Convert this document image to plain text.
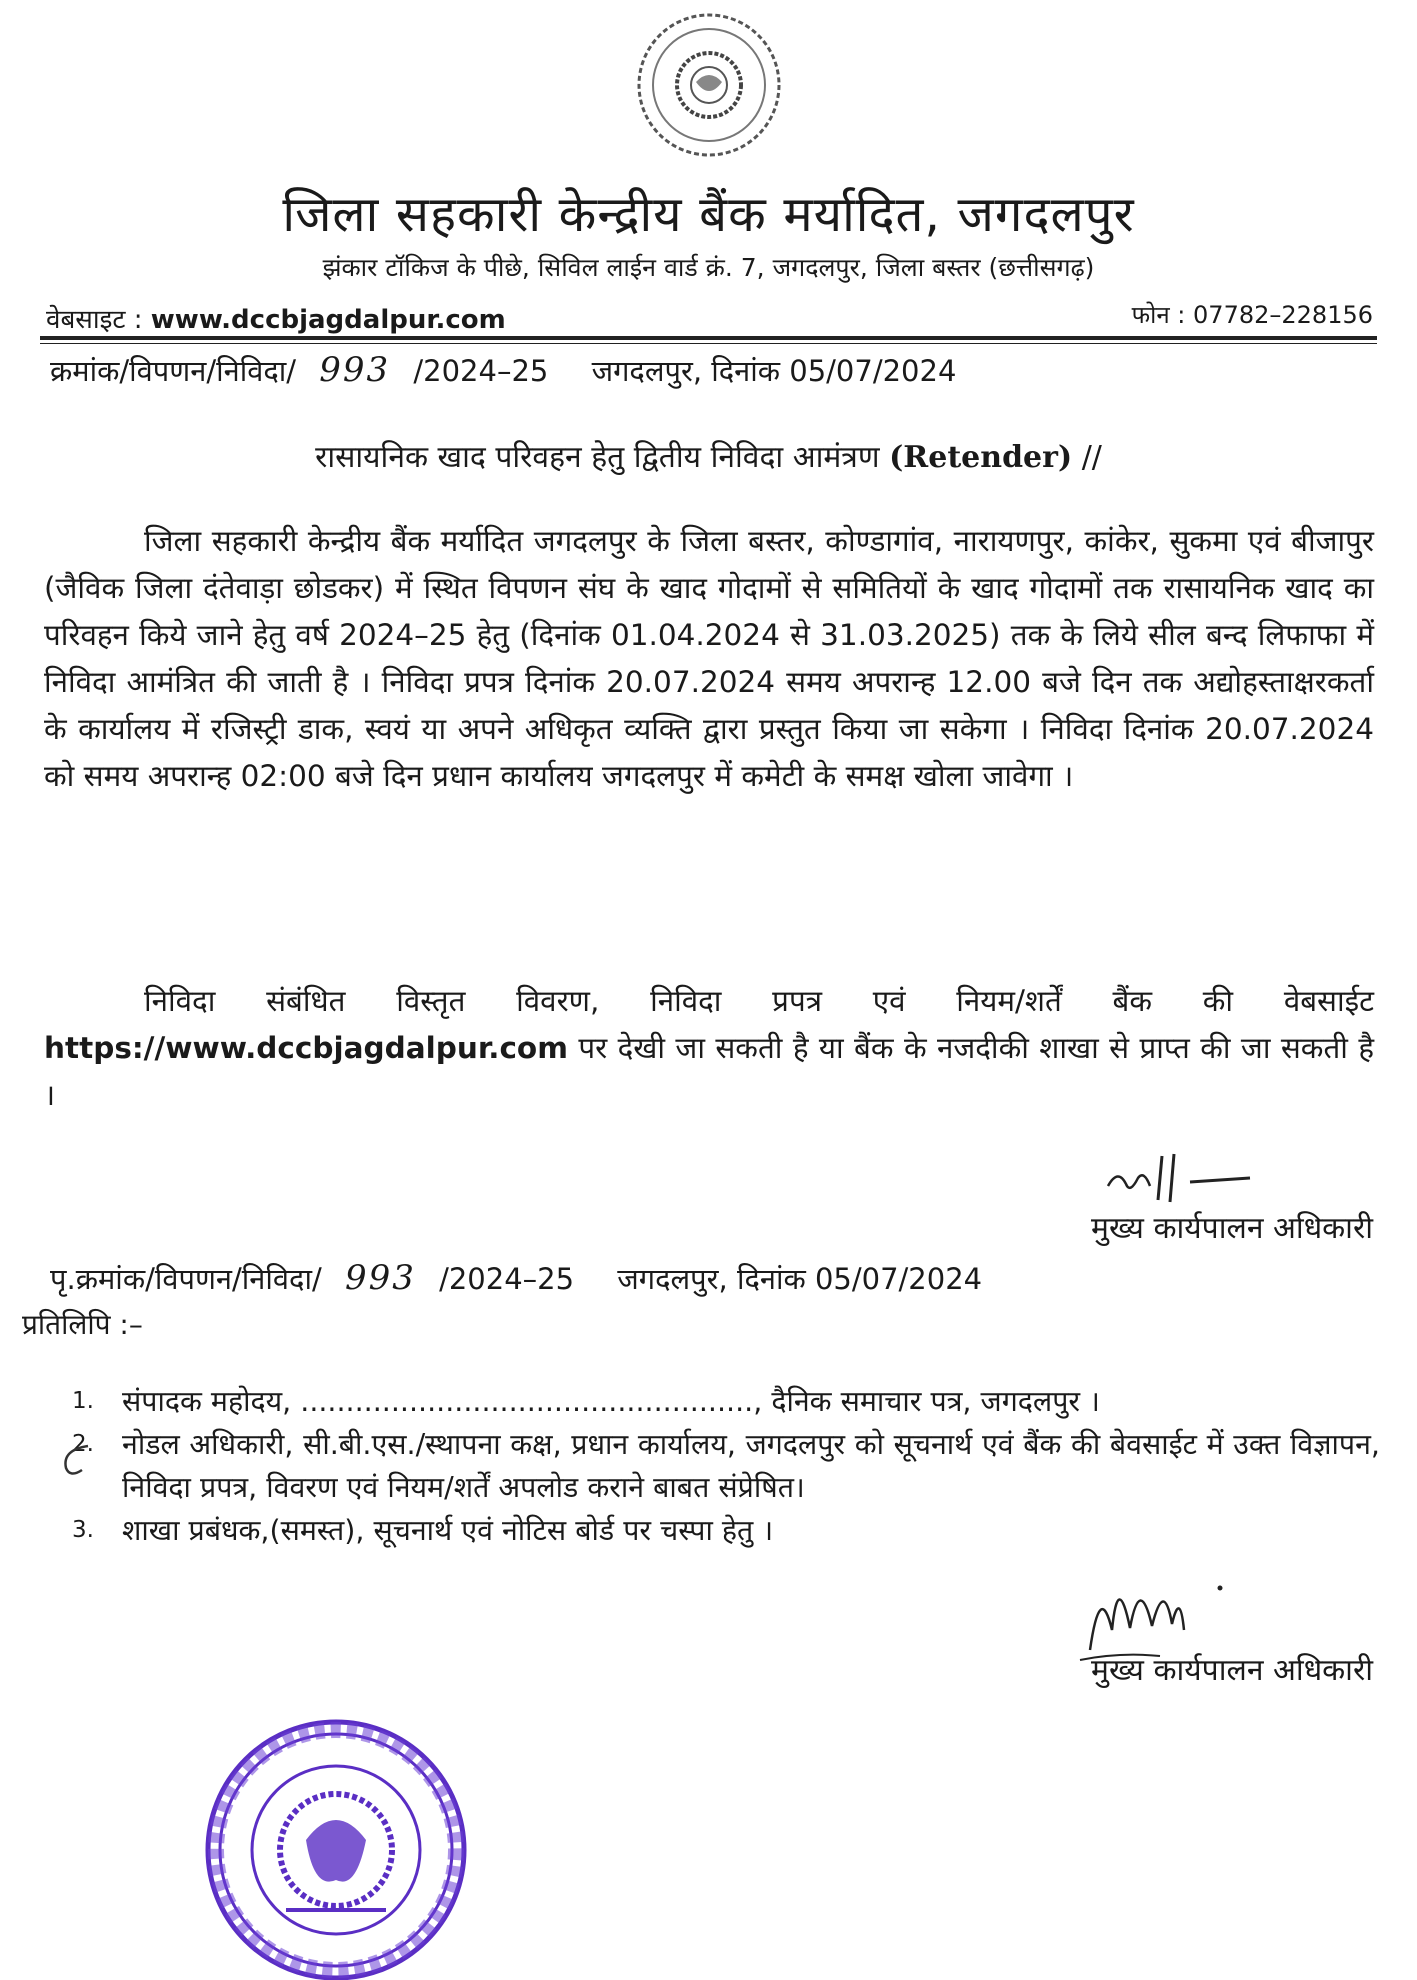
जिला सहकारी केन्द्रीय बैंक मर्यादित, जगदलपुर
झंकार टॉकिज के पीछे, सिविल लाईन वार्ड क्रं. 7, जगदलपुर, जिला बस्तर (छत्तीसगढ़)
वेबसाइट : www.dccbjagdalpur.com	फोन : 07782–228156
क्रमांक/विपणन/निविदा/ 993 /2024–25 जगदलपुर, दिनांक 05/07/2024
रासायनिक खाद परिवहन हेतु द्वितीय निविदा आमंत्रण (Retender) //

जिला सहकारी केन्द्रीय बैंक मर्यादित जगदलपुर के जिला बस्तर, कोण्डागांव, नारायणपुर, कांकेर, सुकमा एवं बीजापुर (जैविक जिला दंतेवाड़ा छोडकर) में स्थित विपणन संघ के खाद गोदामों से समितियों के खाद गोदामों तक रासायनिक खाद का परिवहन किये जाने हेतु वर्ष 2024–25 हेतु (दिनांक 01.04.2024 से 31.03.2025) तक के लिये सील बन्द लिफाफा में निविदा आमंत्रित की जाती है । निविदा प्रपत्र दिनांक 20.07.2024 समय अपरान्ह 12.00 बजे दिन तक अद्योहस्ताक्षरकर्ता के कार्यालय में रजिस्ट्री डाक, स्वयं या अपने अधिकृत व्यक्ति द्वारा प्रस्तुत किया जा सकेगा । निविदा दिनांक 20.07.2024 को समय अपरान्ह 02:00 बजे दिन प्रधान कार्यालय जगदलपुर में कमेटी के समक्ष खोला जावेगा ।

निविदा संबंधित विस्तृत विवरण, निविदा प्रपत्र एवं नियम/शर्तें बैंक की वेबसाईट https://www.dccbjagdalpur.com पर देखी जा सकती है या बैंक के नजदीकी शाखा से प्राप्त की जा सकती है ।

मुख्य कार्यपालन अधिकारी
पृ.क्रमांक/विपणन/निविदा/ 993 /2024–25 जगदलपुर, दिनांक 05/07/2024
प्रतिलिपि :–
1. संपादक महोदय, .................................................., दैनिक समाचार पत्र, जगदलपुर ।
2. नोडल अधिकारी, सी.बी.एस./स्थापना कक्ष, प्रधान कार्यालय, जगदलपुर को सूचनार्थ एवं बैंक की बेवसाईट में उक्त विज्ञापन, निविदा प्रपत्र, विवरण एवं नियम/शर्तें अपलोड कराने बाबत संप्रेषित।
3. शाखा प्रबंधक,(समस्त), सूचनार्थ एवं नोटिस बोर्ड पर चस्पा हेतु ।
मुख्य कार्यपालन अधिकारी
